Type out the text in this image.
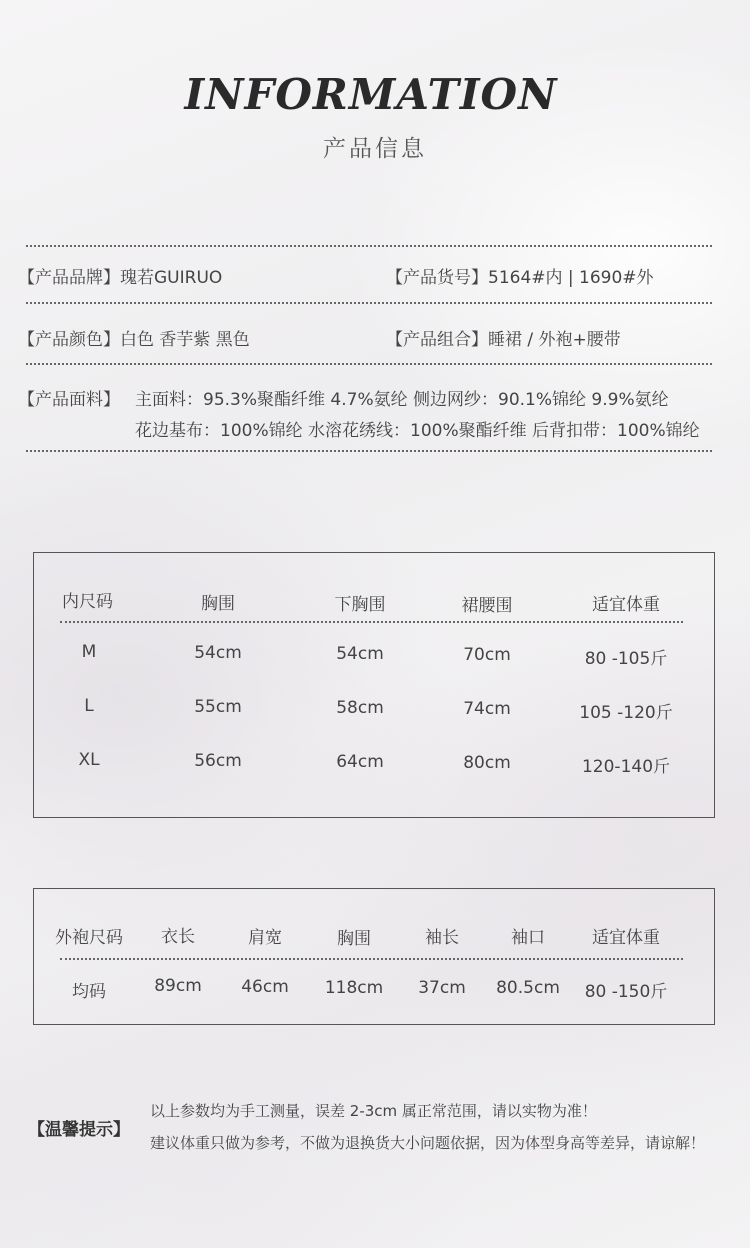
INFORMATION
产品信息
【产品品牌】瑰若GUIRUO	【产品货号】5164#内 | 1690#外
【产品颜色】白色 香芋紫 黑色	【产品组合】睡裙 / 外袍+腰带
【产品面料】 主面料：95.3%聚酯纤维 4.7%氨纶 侧边网纱：90.1%锦纶 9.9%氨纶
花边基布：100%锦纶 水溶花绣线：100%聚酯纤维 后背扣带：100%锦纶
内尺码	胸围	下胸围	裙腰围	适宜体重
M	54cm	54cm	70cm	80 -105斤
L	55cm	58cm	74cm	105 -120斤
XL	56cm	64cm	80cm	120-140斤
外袍尺码 衣长	肩宽	胸围	袖长	袖口	适宜体重
均码	89cm 46cm 118cm 37cm 80.5cm 80 -150斤
【温馨提示】
以上参数均为手工测量，误差 2-3cm 属正常范围，请以实物为准！
建议体重只做为参考，不做为退换货大小问题依据，因为体型身高等差异，请谅解！
